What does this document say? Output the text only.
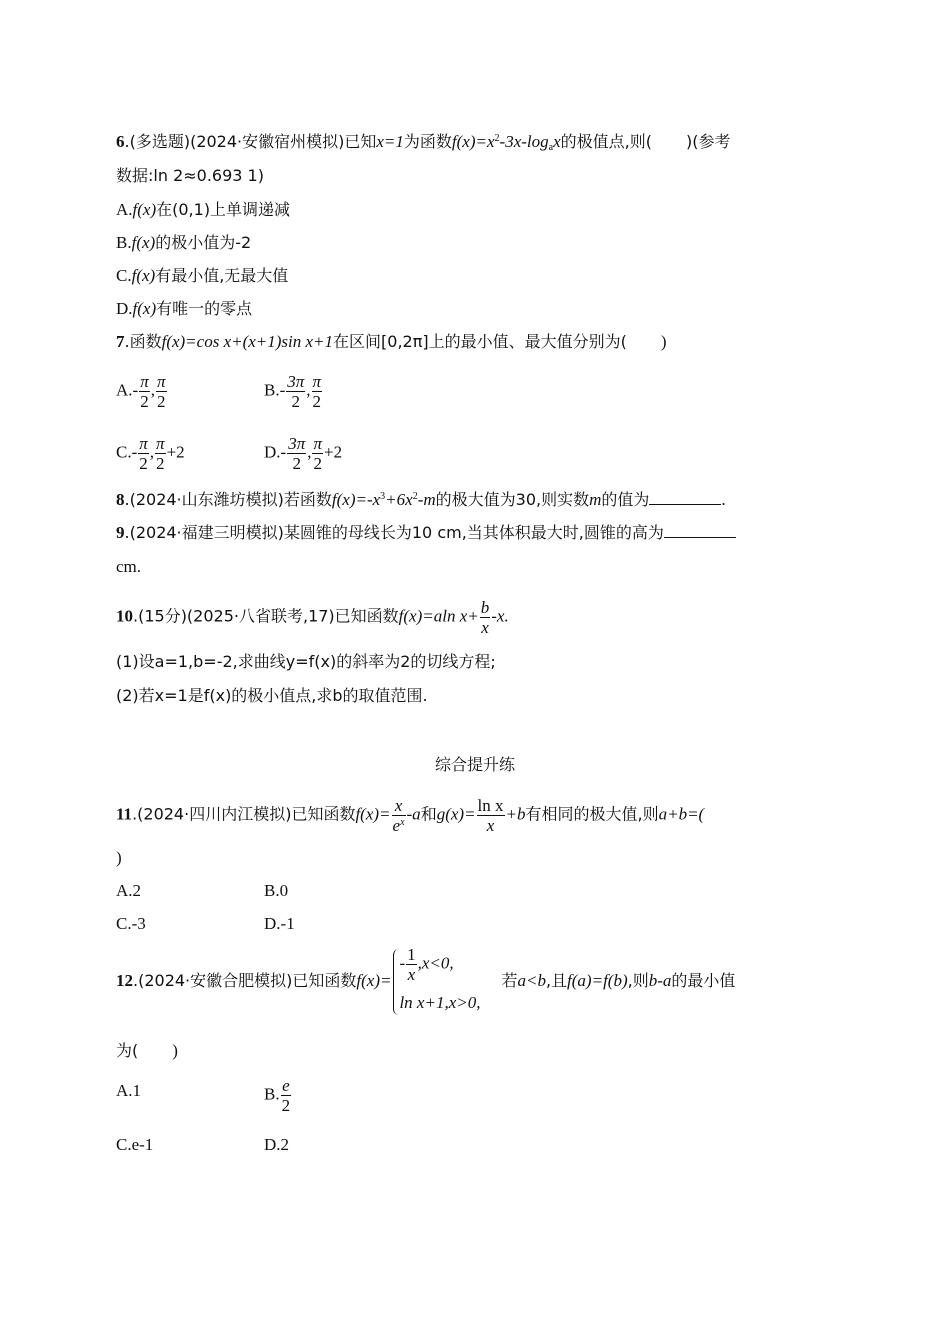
6.(多选题)(2024·安徽宿州模拟)已知x=1为函数$f(x)=x^2-3x-\log_ax$的极值点,则( )(参考
数据:ln 2≈0.693 1)
A.f(x)在(0,1)上单调递减
B.f(x)的极小值为-2
C.f(x)有最小值,无最大值
D.f(x)有唯一的零点
7.函数f(x)=cos x+(x+1)sin x+1在区间[0,2π]上的最小值、最大值分别为( )
$A.- \frac{\pi}{2}$ , $\frac{\pi}{2}$	$B.- \frac{3\pi}{2}$ , $\frac{\pi}{2}$
$C.- \frac{\pi}{2}$ , $\frac{\pi}{2} +2$	$D.- \frac{3\pi}{2}$ , $\frac{\pi}{2} +2$
8.(2024·山东潍坊模拟)若函数$f(x)=-x^3+6x^2-m$的极大值为30,则实数m的值为	.
9.(2024·福建三明模拟)某圆锥的母线长为10 cm,当其体积最大时,圆锥的高为
cm.
10.(15分)(2025·八省联考,17)已知函数f(x)=aln $x+ \frac{b}{x} -x$.
(1)设a=1,b=-2,求曲线y=f(x)的斜率为2的切线方程;
(2)若x=1是f(x)的极小值点,求b的取值范围.
综合提升练
11.(2024·四川内江模拟)已知函数$f(x)= \frac{x}{e^x} -a$和$g(x)= \frac{\text{ln x}}{x} +b$有相同的极大值,则a+b=(
)
A.2	B.0
C.-3	D.-1
12.(2024·安徽合肥模拟)已知函数f(x)=
- $\frac{1}{x} ,x<0$,
ln x+1,x>0,
若a<b,且f(a)=f(b),则b-a的最小值
为( )
A.1	B. $\frac{e}{2}$
C.e-1	D.2
